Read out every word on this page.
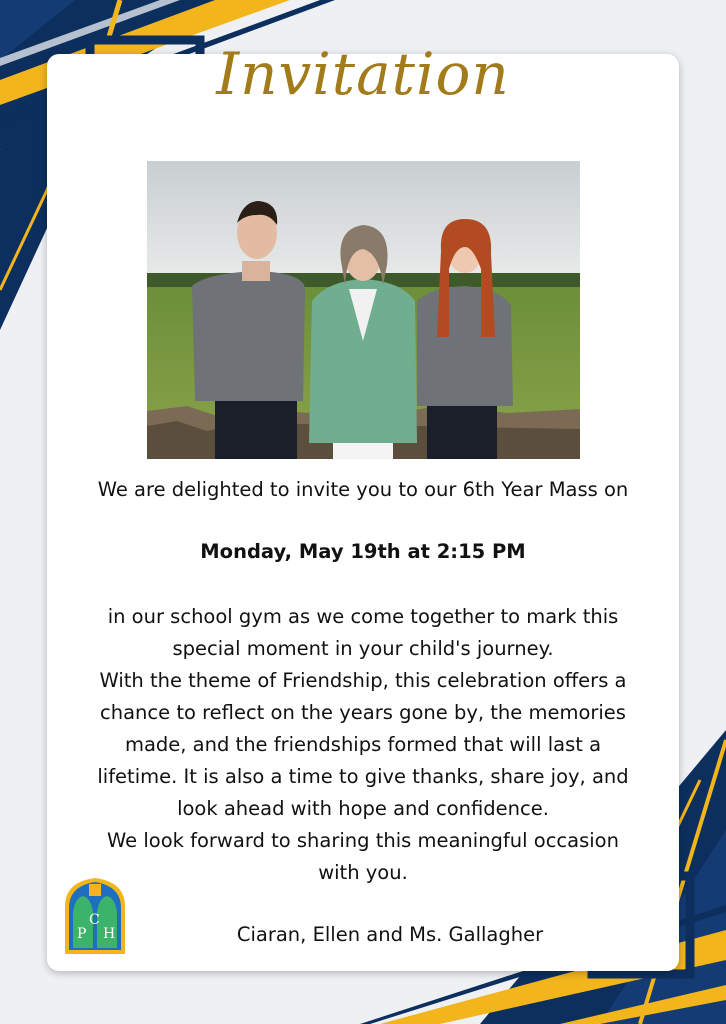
Invitation
We are delighted to invite you to our 6th Year Mass on
Monday, May 19th at 2:15 PM
in our school gym as we come together to mark this
special moment in your child's journey.
With the theme of Friendship, this celebration offers a
chance to reflect on the years gone by, the memories
made, and the friendships formed that will last a
lifetime. It is also a time to give thanks, share joy, and
look ahead with hope and confidence.
We look forward to sharing this meaningful occasion
with you.
P
C
H	Ciaran, Ellen and Ms. Gallagher
